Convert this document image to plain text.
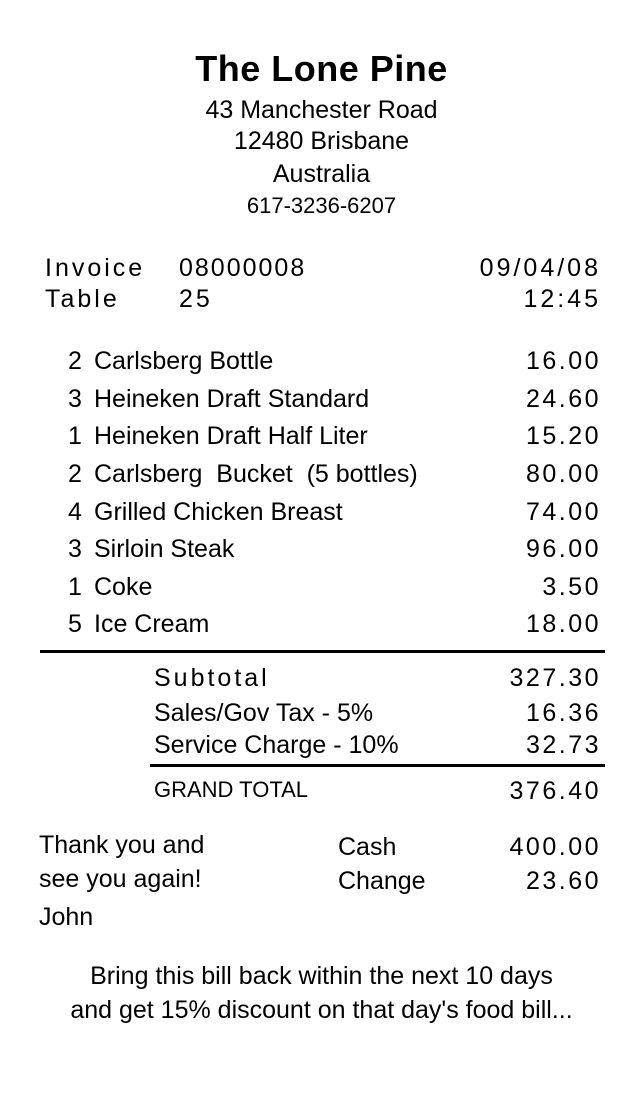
The Lone Pine
43 Manchester Road
12480 Brisbane
Australia
617-3236-6207
Invoice 08000008	09/04/08
Table 25	12:45
2 Carlsberg Bottle	16.00
3 Heineken Draft Standard	24.60
1 Heineken Draft Half Liter	15.20
2 Carlsberg  Bucket  (5 bottles)	80.00
4 Grilled Chicken Breast	74.00
3 Sirloin Steak	96.00
1 Coke	3.50
5 Ice Cream	18.00
Subtotal	327.30
Sales/Gov Tax - 5%	16.36
Service Charge - 10%	32.73
GRAND TOTAL	376.40
Thank you and
see you again!
John
Cash	400.00
Change	23.60
Bring this bill back within the next 10 days
and get 15% discount on that day's food bill...
